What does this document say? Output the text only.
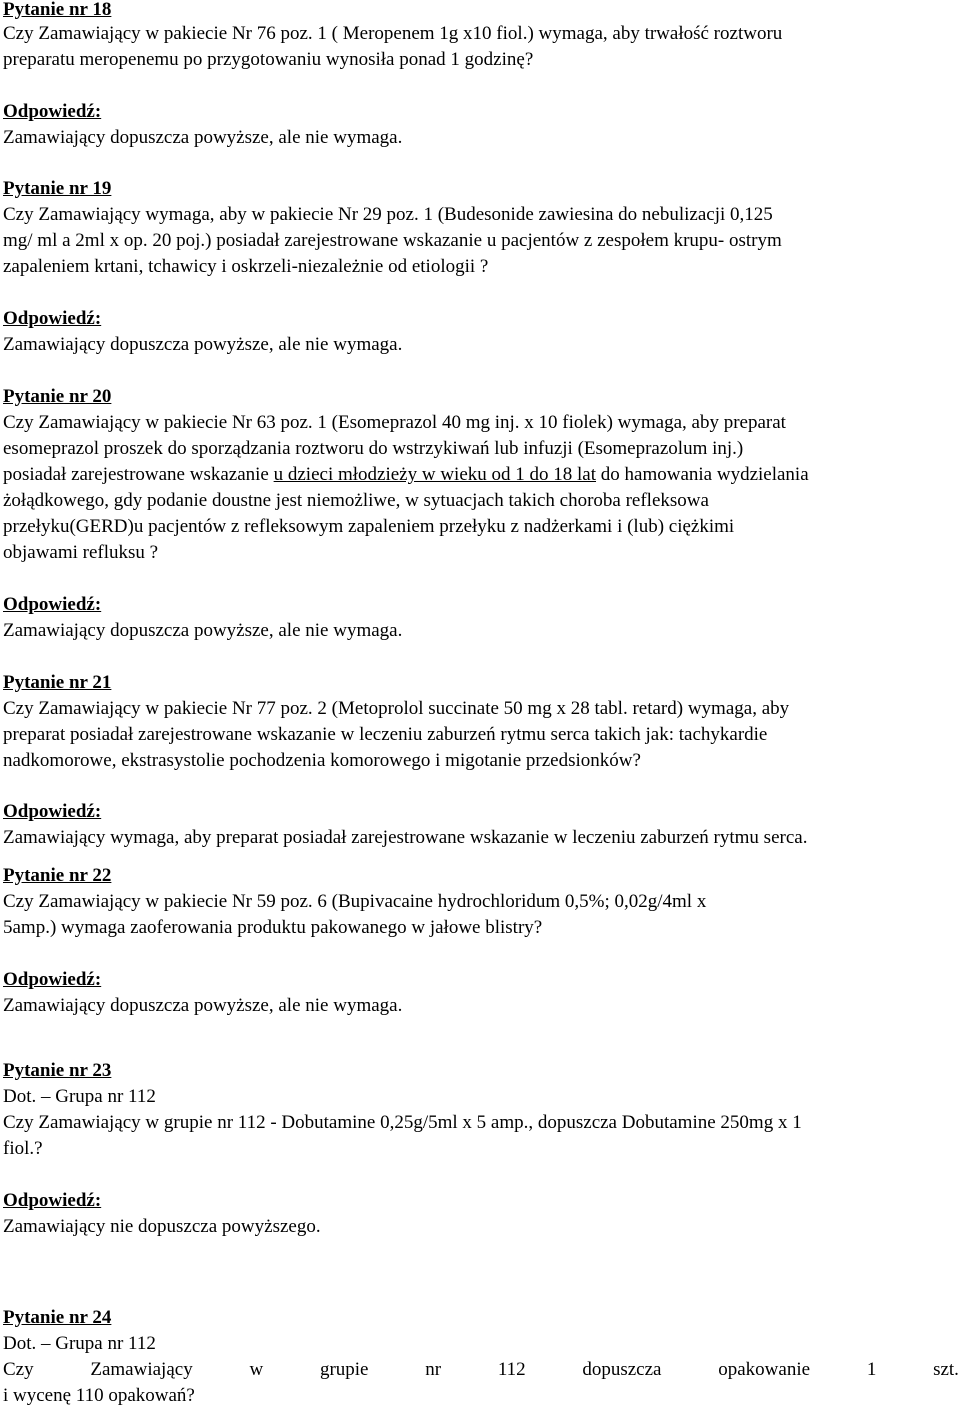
Pytanie nr 18
Czy Zamawiający w pakiecie Nr 76 poz. 1 ( Meropenem 1g x10 fiol.) wymaga, aby trwałość roztworu
preparatu meropenemu po przygotowaniu wynosiła ponad 1 godzinę?
Odpowiedź:
Zamawiający dopuszcza powyższe, ale nie wymaga.
Pytanie nr 19
Czy Zamawiający wymaga, aby w pakiecie Nr 29 poz. 1 (Budesonide zawiesina do nebulizacji 0,125
mg/ ml a 2ml x op. 20 poj.) posiadał zarejestrowane wskazanie u pacjentów z zespołem krupu- ostrym
zapaleniem krtani, tchawicy i oskrzeli-niezależnie od etiologii ?
Odpowiedź:
Zamawiający dopuszcza powyższe, ale nie wymaga.
Pytanie nr 20
Czy Zamawiający w pakiecie Nr 63 poz. 1 (Esomeprazol 40 mg inj. x 10 fiolek) wymaga, aby preparat
esomeprazol proszek do sporządzania roztworu do wstrzykiwań lub infuzji (Esomeprazolum inj.)
posiadał zarejestrowane wskazanie u dzieci młodzieży w wieku od 1 do 18 lat do hamowania wydzielania
żołądkowego, gdy podanie doustne jest niemożliwe, w sytuacjach takich choroba refleksowa
przełyku(GERD)u pacjentów z refleksowym zapaleniem przełyku z nadżerkami i (lub) ciężkimi
objawami refluksu ?
Odpowiedź:
Zamawiający dopuszcza powyższe, ale nie wymaga.
Pytanie nr 21
Czy Zamawiający w pakiecie Nr 77 poz. 2 (Metoprolol succinate 50 mg x 28 tabl. retard) wymaga, aby
preparat posiadał zarejestrowane wskazanie w leczeniu zaburzeń rytmu serca takich jak: tachykardie
nadkomorowe, ekstrasystolie pochodzenia komorowego i migotanie przedsionków?
Odpowiedź:
Zamawiający wymaga, aby preparat posiadał zarejestrowane wskazanie w leczeniu zaburzeń rytmu serca.
Pytanie nr 22
Czy Zamawiający w pakiecie Nr 59 poz. 6 (Bupivacaine hydrochloridum 0,5%; 0,02g/4ml x
5amp.) wymaga zaoferowania produktu pakowanego w jałowe blistry?
Odpowiedź:
Zamawiający dopuszcza powyższe, ale nie wymaga.
Pytanie nr 23
Dot. – Grupa nr 112
Czy Zamawiający w grupie nr 112 - Dobutamine 0,25g/5ml x 5 amp., dopuszcza Dobutamine 250mg x 1
fiol.?
Odpowiedź:
Zamawiający nie dopuszcza powyższego.
Pytanie nr 24
Dot. – Grupa nr 112
Czy	Zamawiający	w	grupie	nr	112	dopuszcza	opakowanie	1	szt.
i wycenę 110 opakowań?
